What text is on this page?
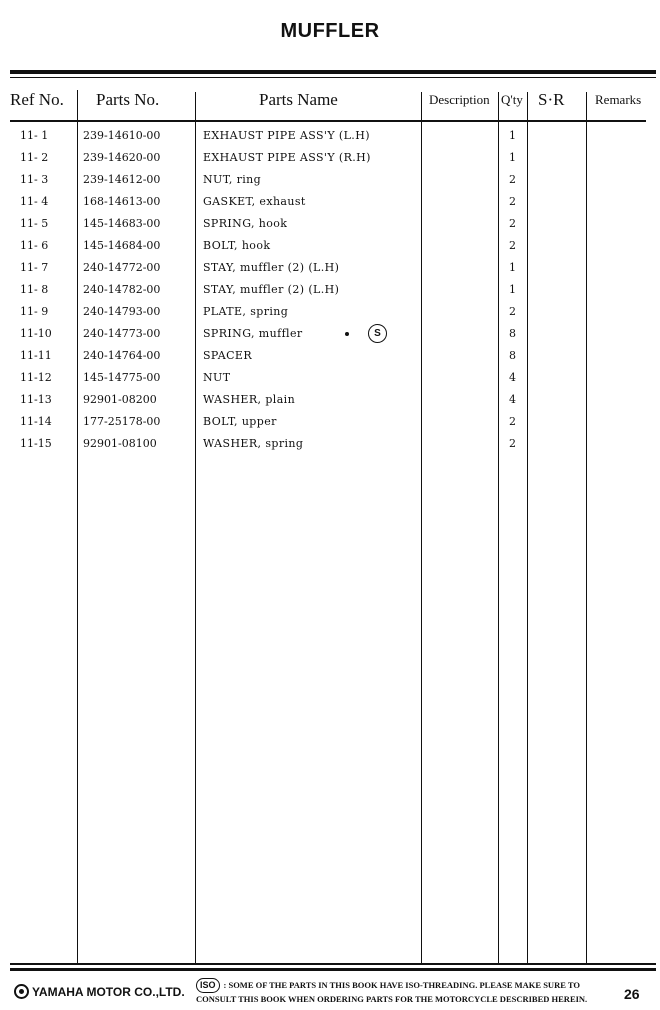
MUFFLER
Ref No. Parts No.	Parts Name	Description Q'ty S·R Remarks
11- 1	239-14610-00	EXHAUST PIPE ASS'Y (L.H)	1
11- 2	239-14620-00	EXHAUST PIPE ASS'Y (R.H)	1
11- 3	239-14612-00	NUT, ring	2
11- 4	168-14613-00	GASKET, exhaust	2
11- 5	145-14683-00	SPRING, hook	2
11- 6	145-14684-00	BOLT, hook	2
11- 7	240-14772-00	STAY, muffler (2) (L.H)	1
11- 8	240-14782-00	STAY, muffler (2) (L.H)	1
11- 9	240-14793-00	PLATE, spring	2
11-10	240-14773-00	SPRING, muffler	S	8
11-11	240-14764-00	SPACER	8
11-12	145-14775-00	NUT	4
11-13	92901-08200	WASHER, plain	4
11-14	177-25178-00	BOLT, upper	2
11-15	92901-08100	WASHER, spring	2
YAMAHA MOTOR CO.,LTD.	ISO : SOME OF THE PARTS IN THIS BOOK HAVE ISO-THREADING. PLEASE MAKE SURE TO
CONSULT THIS BOOK WHEN ORDERING PARTS FOR THE MOTORCYCLE DESCRIBED HEREIN.	26
